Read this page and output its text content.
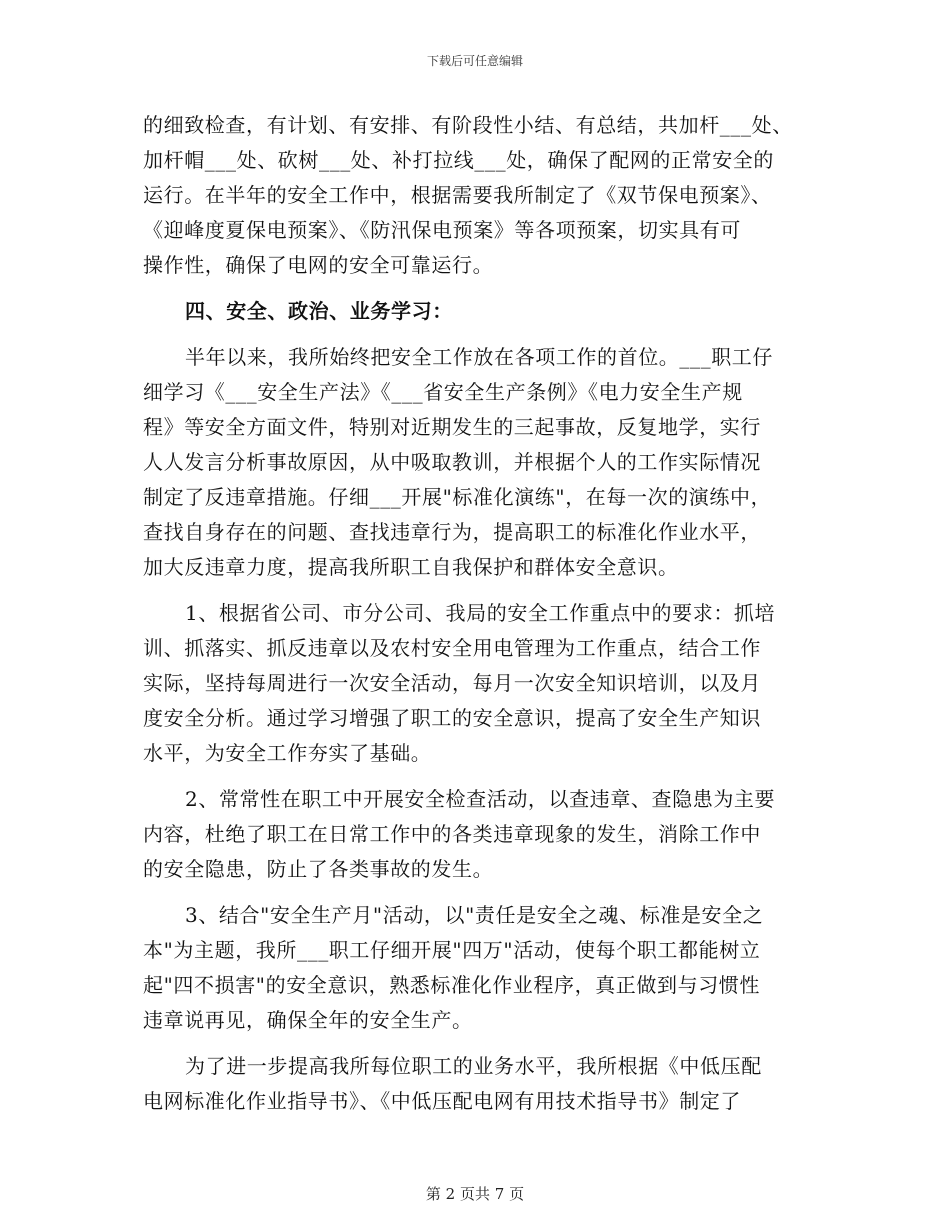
下载后可任意编辑
的细致检查，有计划、有安排、有阶段性小结、有总结，共加杆___处、
加杆帽___处、砍树___处、补打拉线___处，确保了配网的正常安全的
运行。在半年的安全工作中，根据需要我所制定了《双节保电预案》、
《迎峰度夏保电预案》、《防汛保电预案》等各项预案，切实具有可
操作性，确保了电网的安全可靠运行。
四、安全、政治、业务学习：
半年以来，我所始终把安全工作放在各项工作的首位。___职工仔
细学习《___安全生产法》《___省安全生产条例》《电力安全生产规
程》等安全方面文件，特别对近期发生的三起事故，反复地学，实行
人人发言分析事故原因，从中吸取教训，并根据个人的工作实际情况
制定了反违章措施。仔细___开展"标准化演练"，在每一次的演练中，
查找自身存在的问题、查找违章行为，提高职工的标准化作业水平，
加大反违章力度，提高我所职工自我保护和群体安全意识。
1、根据省公司、市分公司、我局的安全工作重点中的要求：抓培
训、抓落实、抓反违章以及农村安全用电管理为工作重点，结合工作
实际，坚持每周进行一次安全活动，每月一次安全知识培训，以及月
度安全分析。通过学习增强了职工的安全意识，提高了安全生产知识
水平，为安全工作夯实了基础。
2、常常性在职工中开展安全检查活动，以查违章、查隐患为主要
内容，杜绝了职工在日常工作中的各类违章现象的发生，消除工作中
的安全隐患，防止了各类事故的发生。
3、结合"安全生产月"活动，以"责任是安全之魂、标准是安全之
本"为主题，我所___职工仔细开展"四万"活动，使每个职工都能树立
起"四不损害"的安全意识，熟悉标准化作业程序，真正做到与习惯性
违章说再见，确保全年的安全生产。
为了进一步提高我所每位职工的业务水平，我所根据《中低压配
电网标准化作业指导书》、《中低压配电网有用技术指导书》制定了
第 2 页共 7 页
